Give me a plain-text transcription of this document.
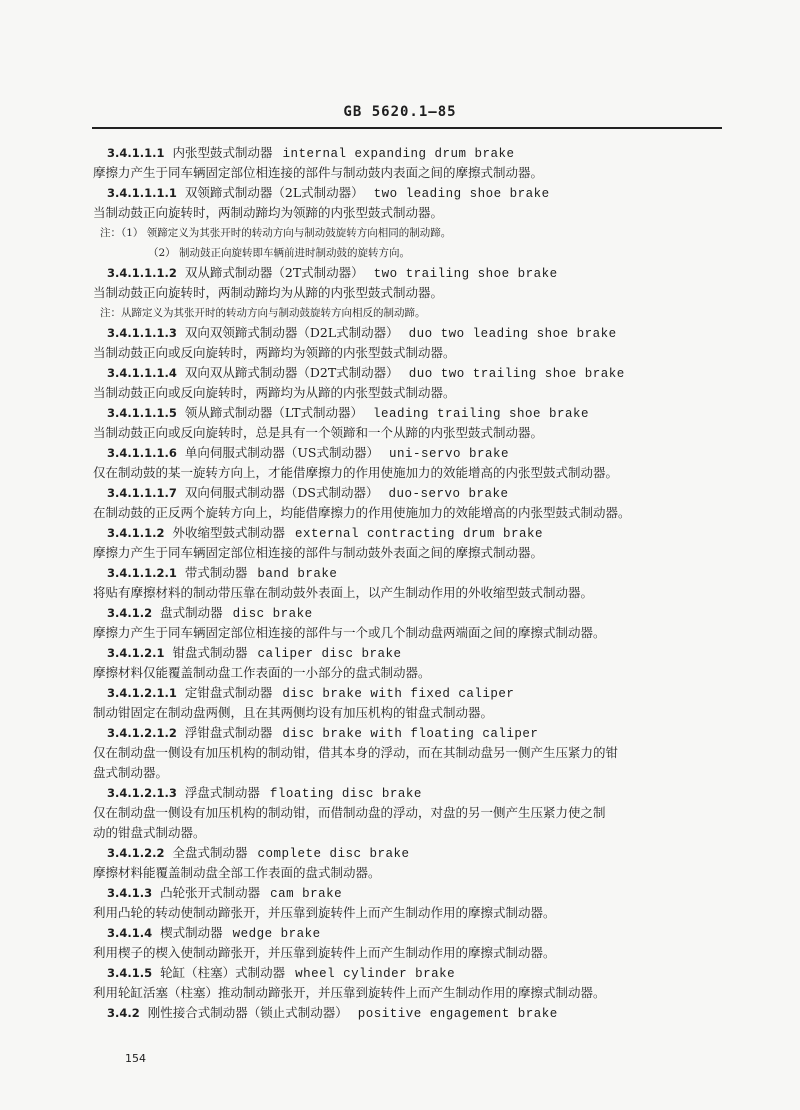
GB 5620.1—85
3.4.1.1.1 内张型鼓式制动器 internal expanding drum brake
摩擦力产生于同车辆固定部位相连接的部件与制动鼓内表面之间的摩擦式制动器。
3.4.1.1.1.1 双领蹄式制动器（2L式制动器） two leading shoe brake
当制动鼓正向旋转时，两制动蹄均为领蹄的内张型鼓式制动器。
注：（1） 领蹄定义为其张开时的转动方向与制动鼓旋转方向相同的制动蹄。
（2） 制动鼓正向旋转即车辆前进时制动鼓的旋转方向。
3.4.1.1.1.2 双从蹄式制动器（2T式制动器） two trailing shoe brake
当制动鼓正向旋转时，两制动蹄均为从蹄的内张型鼓式制动器。
注：从蹄定义为其张开时的转动方向与制动鼓旋转方向相反的制动蹄。
3.4.1.1.1.3 双向双领蹄式制动器（D2L式制动器） duo two leading shoe brake
当制动鼓正向或反向旋转时，两蹄均为领蹄的内张型鼓式制动器。
3.4.1.1.1.4 双向双从蹄式制动器（D2T式制动器） duo two trailing shoe brake
当制动鼓正向或反向旋转时，两蹄均为从蹄的内张型鼓式制动器。
3.4.1.1.1.5 领从蹄式制动器（LT式制动器） leading trailing shoe brake
当制动鼓正向或反向旋转时，总是具有一个领蹄和一个从蹄的内张型鼓式制动器。
3.4.1.1.1.6 单向伺服式制动器（US式制动器） uni-servo brake
仅在制动鼓的某一旋转方向上，才能借摩擦力的作用使施加力的效能增高的内张型鼓式制动器。
3.4.1.1.1.7 双向伺服式制动器（DS式制动器） duo-servo brake
在制动鼓的正反两个旋转方向上，均能借摩擦力的作用使施加力的效能增高的内张型鼓式制动器。
3.4.1.1.2 外收缩型鼓式制动器 external contracting drum brake
摩擦力产生于同车辆固定部位相连接的部件与制动鼓外表面之间的摩擦式制动器。
3.4.1.1.2.1 带式制动器 band brake
将贴有摩擦材料的制动带压靠在制动鼓外表面上，以产生制动作用的外收缩型鼓式制动器。
3.4.1.2 盘式制动器 disc brake
摩擦力产生于同车辆固定部位相连接的部件与一个或几个制动盘两端面之间的摩擦式制动器。
3.4.1.2.1 钳盘式制动器 caliper disc brake
摩擦材料仅能覆盖制动盘工作表面的一小部分的盘式制动器。
3.4.1.2.1.1 定钳盘式制动器 disc brake with fixed caliper
制动钳固定在制动盘两侧，且在其两侧均设有加压机构的钳盘式制动器。
3.4.1.2.1.2 浮钳盘式制动器 disc brake with floating caliper
仅在制动盘一侧设有加压机构的制动钳，借其本身的浮动，而在其制动盘另一侧产生压紧力的钳
盘式制动器。
3.4.1.2.1.3 浮盘式制动器 floating disc brake
仅在制动盘一侧设有加压机构的制动钳，而借制动盘的浮动，对盘的另一侧产生压紧力使之制
动的钳盘式制动器。
3.4.1.2.2 全盘式制动器 complete disc brake
摩擦材料能覆盖制动盘全部工作表面的盘式制动器。
3.4.1.3 凸轮张开式制动器 cam brake
利用凸轮的转动使制动蹄张开，并压靠到旋转件上而产生制动作用的摩擦式制动器。
3.4.1.4 楔式制动器 wedge brake
利用楔子的楔入使制动蹄张开，并压靠到旋转件上而产生制动作用的摩擦式制动器。
3.4.1.5 轮缸（柱塞）式制动器 wheel cylinder brake
利用轮缸活塞（柱塞）推动制动蹄张开，并压靠到旋转件上而产生制动作用的摩擦式制动器。
3.4.2 刚性接合式制动器（锁止式制动器） positive engagement brake
154
